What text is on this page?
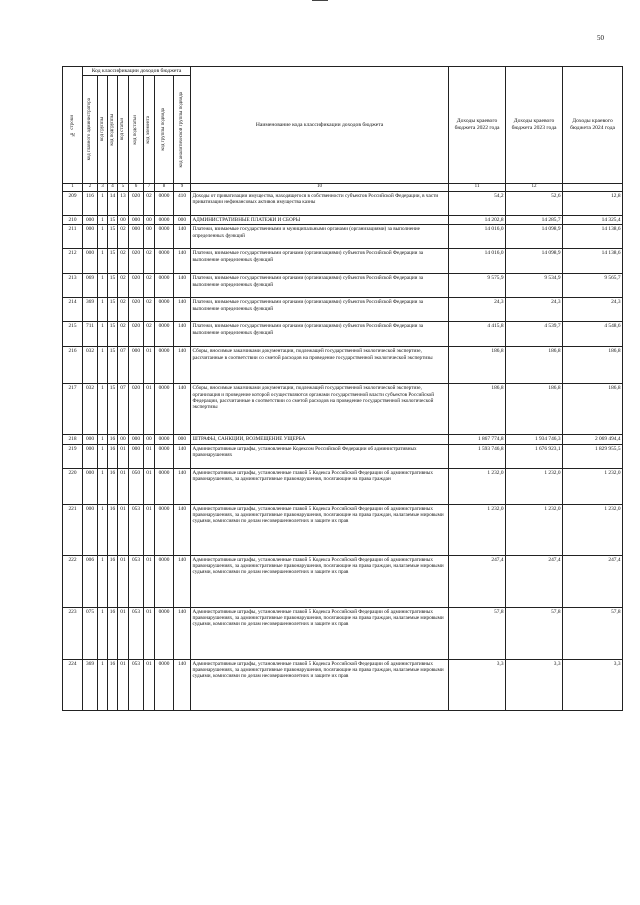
50
№ строки	Код классификации доходов бюджета								Наименование кода классификации доходов бюджета	Доходы краевого бюджета 2022 года	Доходы краевого бюджета 2023 года	Доходы краевого бюджета 2024 года

	код главного администратора	код группы	код подгруппы	код статьи	код подстатьи	код элемента	код группы подвида	код аналитической группы подвида				

1	2	3	4	5	6	7	8	9	10	11	12	
209	116	1	14	13	020	02	0000	410	Доходы от приватизации имущества, находящегося в собственности субъектов Российской Федерации, в части приватизации нефинансовых активов имущества казны	54,2	52,6	12,8
210	000	1	15	00	000	00	0000	000	АДМИНИСТРАТИВНЫЕ ПЛАТЕЖИ И СБОРЫ	14 202,8	14 285,7	14 325,4
211	000	1	15	02	000	00	0000	140	Платежи, взимаемые государственными и муниципальными органами (организациями) за выполнение определенных функций	14 016,0	14 098,9	14 138,6
212	000	1	15	02	020	02	0000	140	Платежи, взимаемые государственными органами (организациями) субъектов Российской Федерации за выполнение определенных функций	14 016,0	14 098,9	14 138,6
213	069	1	15	02	020	02	0000	140	Платежи, взимаемые государственными органами (организациями) субъектов Российской Федерации за выполнение определенных функций	9 575,9	9 534,9	9 565,7
214	369	1	15	02	020	02	0000	140	Платежи, взимаемые государственными органами (организациями) субъектов Российской Федерации за выполнение определенных функций	24,3	24,3	24,3
215	711	1	15	02	020	02	0000	140	Платежи, взимаемые государственными органами (организациями) субъектов Российской Федерации за выполнение определенных функций	4 415,8	4 539,7	4 548,6
216	032	1	15	07	000	01	0000	140	Сборы, вносимые заказчиками документации, подлежащей государственной экологической экспертизе, рассчитанные в соответствии со сметой расходов на проведение государственной экологической экспертизы	186,8	186,8	186,8
217	032	1	15	07	020	01	0000	140	Сборы, вносимые заказчиками документации, подлежащей государственной экологической экспертизе, организация и проведение которой осуществляются органами государственной власти субъектов Российской Федерации, рассчитанные в соответствии со сметой расходов на проведение государственной экологической экспертизы	186,8	186,8	186,8
218	000	1	16	00	000	00	0000	000	ШТРАФЫ, САНКЦИИ, ВОЗМЕЩЕНИЕ УЩЕРБА	1 867 774,8	1 934 746,3	2 069 494,4
219	000	1	16	01	000	01	0000	140	Административные штрафы, установленные Кодексом Российской Федерации об административных правонарушениях	1 593 746,8	1 676 923,1	1 829 955,5
220	000	1	16	01	050	01	0000	140	Административные штрафы, установленные главой 5 Кодекса Российской Федерации об административных правонарушениях, за административные правонарушения, посягающие на права граждан	1 232,0	1 232,0	1 232,0
221	000	1	16	01	053	01	0000	140	Административные штрафы, установленные главой 5 Кодекса Российской Федерации об административных правонарушениях, за административные правонарушения, посягающие на права граждан, налагаемые мировыми судьями, комиссиями по делам несовершеннолетних и защите их прав	1 232,0	1 232,0	1 232,0
222	006	1	16	01	053	01	0000	140	Административные штрафы, установленные главой 5 Кодекса Российской Федерации об административных правонарушениях, за административные правонарушения, посягающие на права граждан, налагаемые мировыми судьями, комиссиями по делам несовершеннолетних и защите их прав	247,4	247,4	247,4
223	075	1	16	01	053	01	0000	140	Административные штрафы, установленные главой 5 Кодекса Российской Федерации об административных правонарушениях, за административные правонарушения, посягающие на права граждан, налагаемые мировыми судьями, комиссиями по делам несовершеннолетних и защите их прав	57,8	57,8	57,8
224	369	1	16	01	053	01	0000	140	Административные штрафы, установленные главой 5 Кодекса Российской Федерации об административных правонарушениях, за административные правонарушения, посягающие на права граждан, налагаемые мировыми судьями, комиссиями по делам несовершеннолетних и защите их прав	3,3	3,3	3,3
